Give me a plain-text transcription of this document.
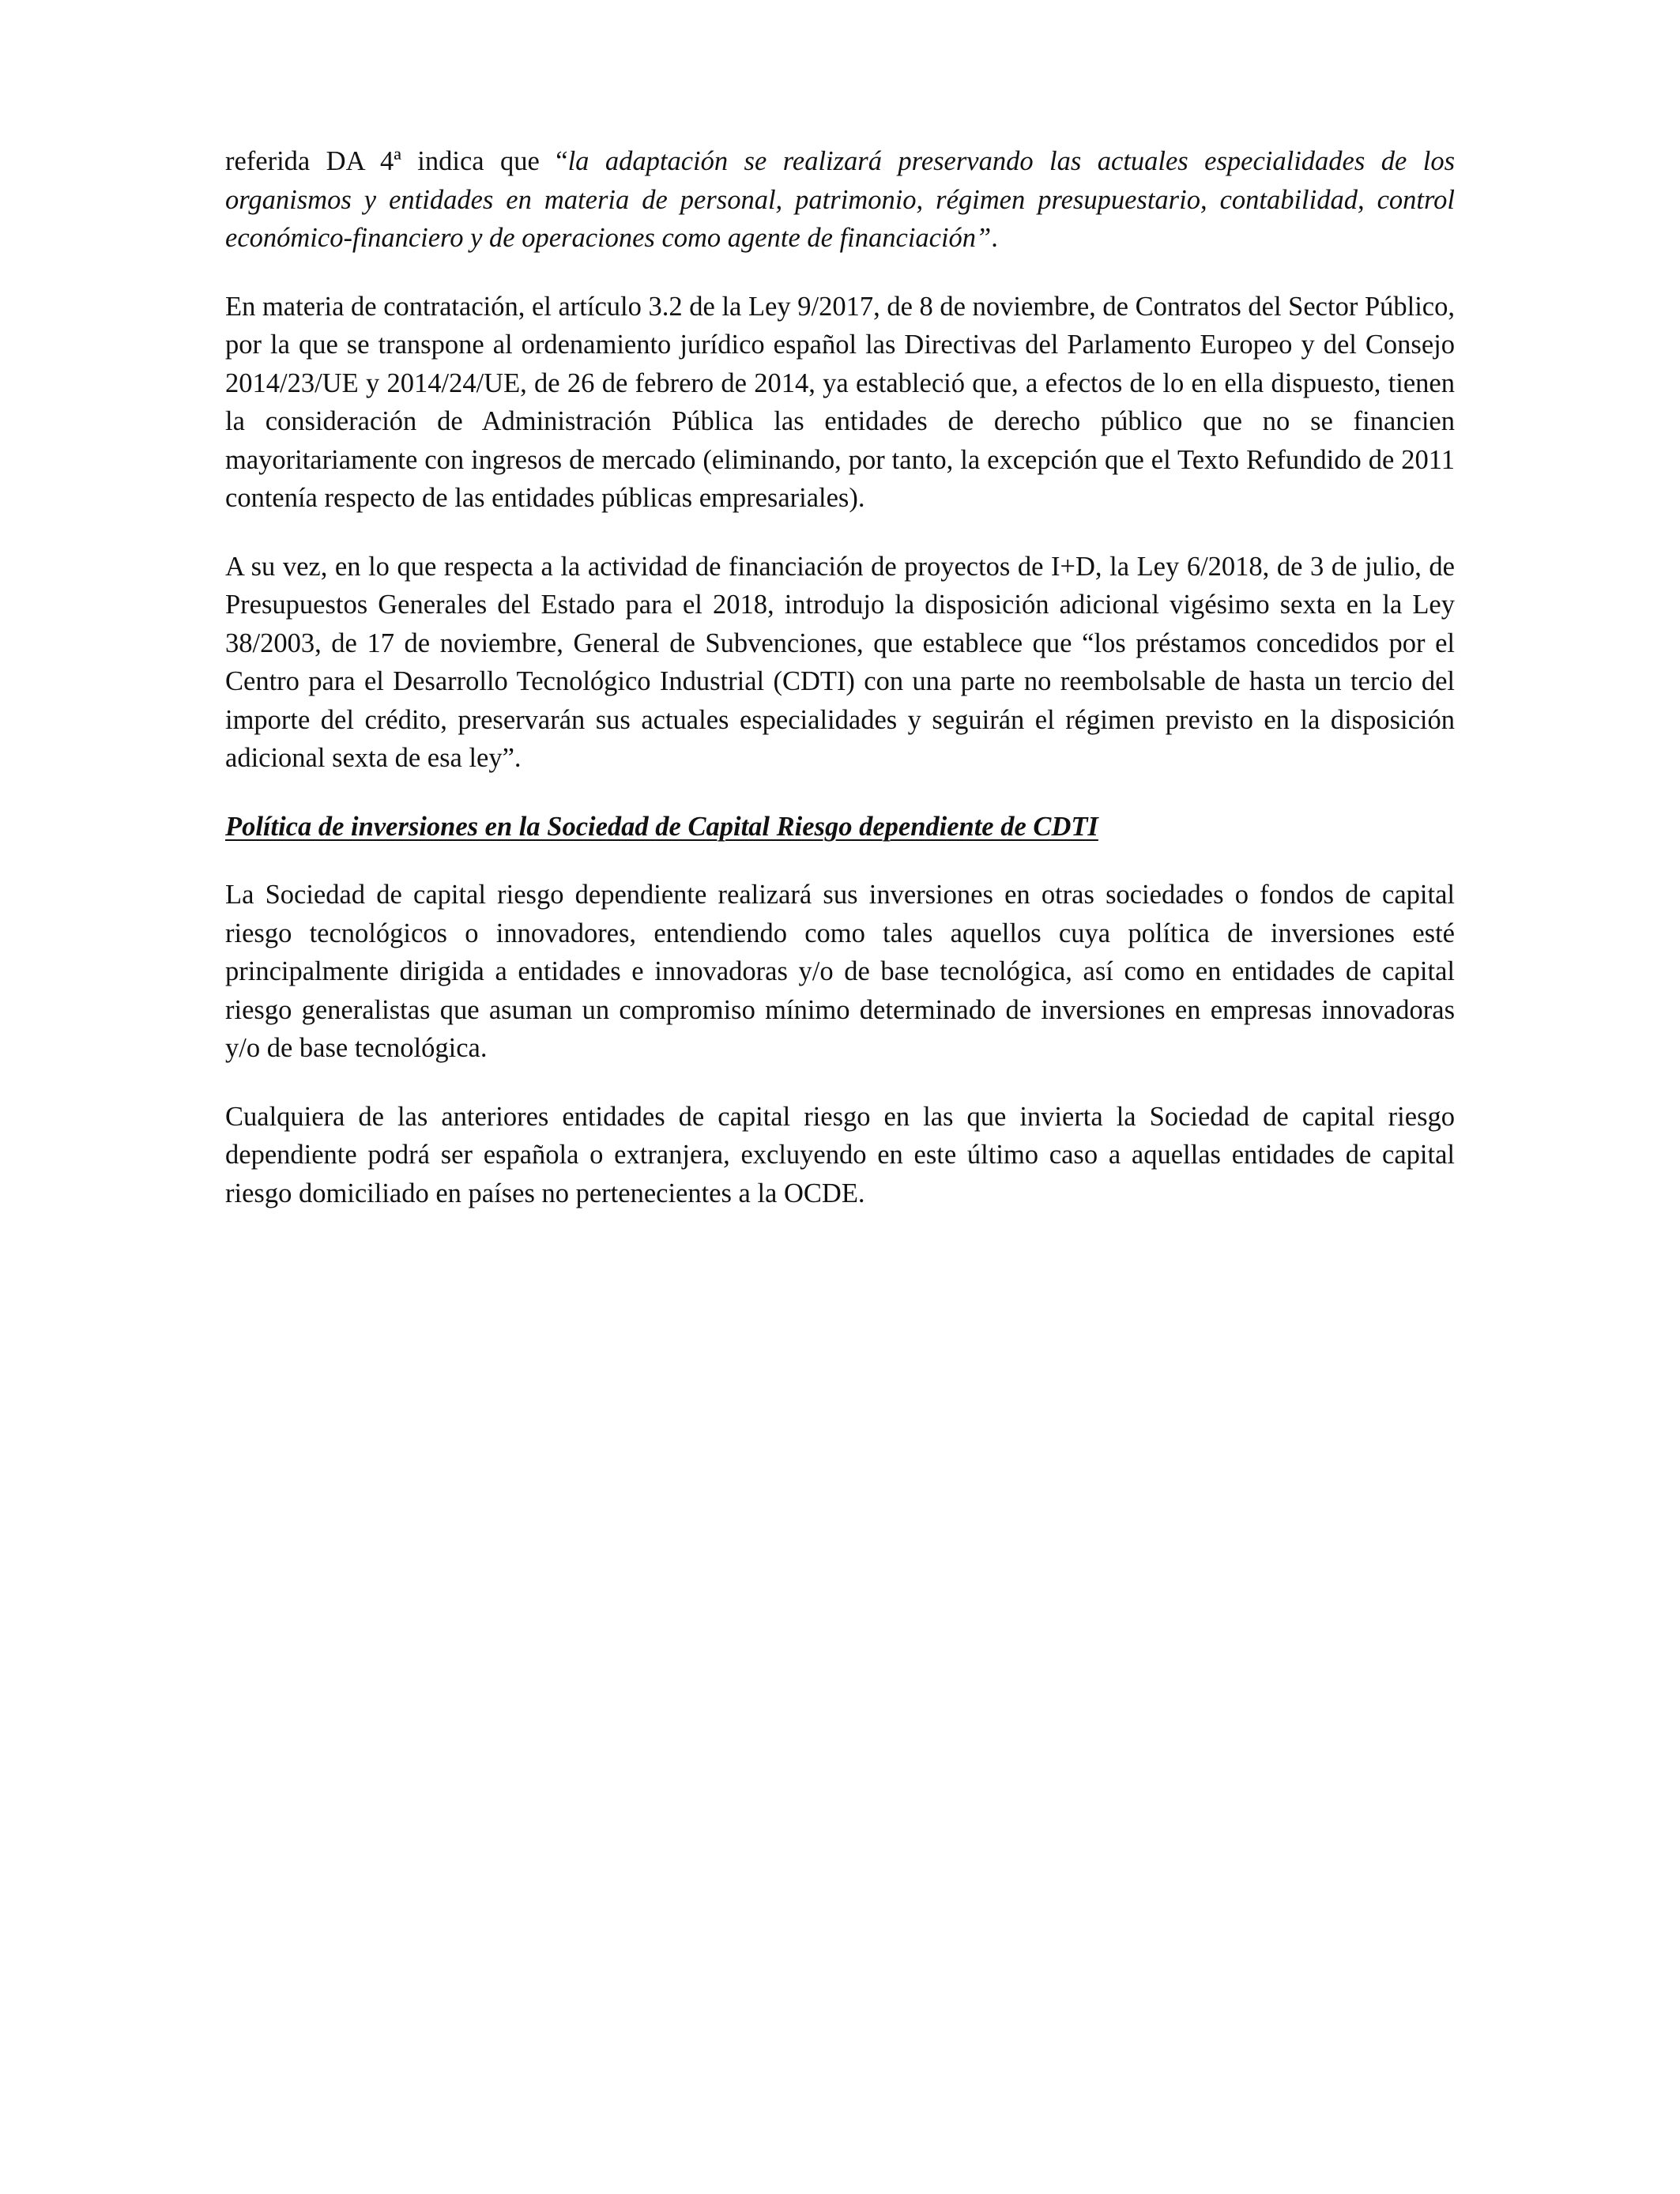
referida DA 4ª indica que “la adaptación se realizará preservando las actuales especialidades de los organismos y entidades en materia de personal, patrimonio, régimen presupuestario, contabilidad, control económico-financiero y de operaciones como agente de financiación”.

En materia de contratación, el artículo 3.2 de la Ley 9/2017, de 8 de noviembre, de Contratos del Sector Público, por la que se transpone al ordenamiento jurídico español las Directivas del Parlamento Europeo y del Consejo 2014/23/UE y 2014/24/UE, de 26 de febrero de 2014, ya estableció que, a efectos de lo en ella dispuesto, tienen la consideración de Administración Pública las entidades de derecho público que no se financien mayoritariamente con ingresos de mercado (eliminando, por tanto, la excepción que el Texto Refundido de 2011 contenía respecto de las entidades públicas empresariales).

A su vez, en lo que respecta a la actividad de financiación de proyectos de I+D, la Ley 6/2018, de 3 de julio, de Presupuestos Generales del Estado para el 2018, introdujo la disposición adicional vigésimo sexta en la Ley 38/2003, de 17 de noviembre, General de Subvenciones, que establece que “los préstamos concedidos por el Centro para el Desarrollo Tecnológico Industrial (CDTI) con una parte no reembolsable de hasta un tercio del importe del crédito, preservarán sus actuales especialidades y seguirán el régimen previsto en la disposición adicional sexta de esa ley”.

Política de inversiones en la Sociedad de Capital Riesgo dependiente de CDTI

La Sociedad de capital riesgo dependiente realizará sus inversiones en otras sociedades o fondos de capital riesgo tecnológicos o innovadores, entendiendo como tales aquellos cuya política de inversiones esté principalmente dirigida a entidades e innovadoras y/o de base tecnológica, así como en entidades de capital riesgo generalistas que asuman un compromiso mínimo determinado de inversiones en empresas innovadoras y/o de base tecnológica.

Cualquiera de las anteriores entidades de capital riesgo en las que invierta la Sociedad de capital riesgo dependiente podrá ser española o extranjera, excluyendo en este último caso a aquellas entidades de capital riesgo domiciliado en países no pertenecientes a la OCDE.
